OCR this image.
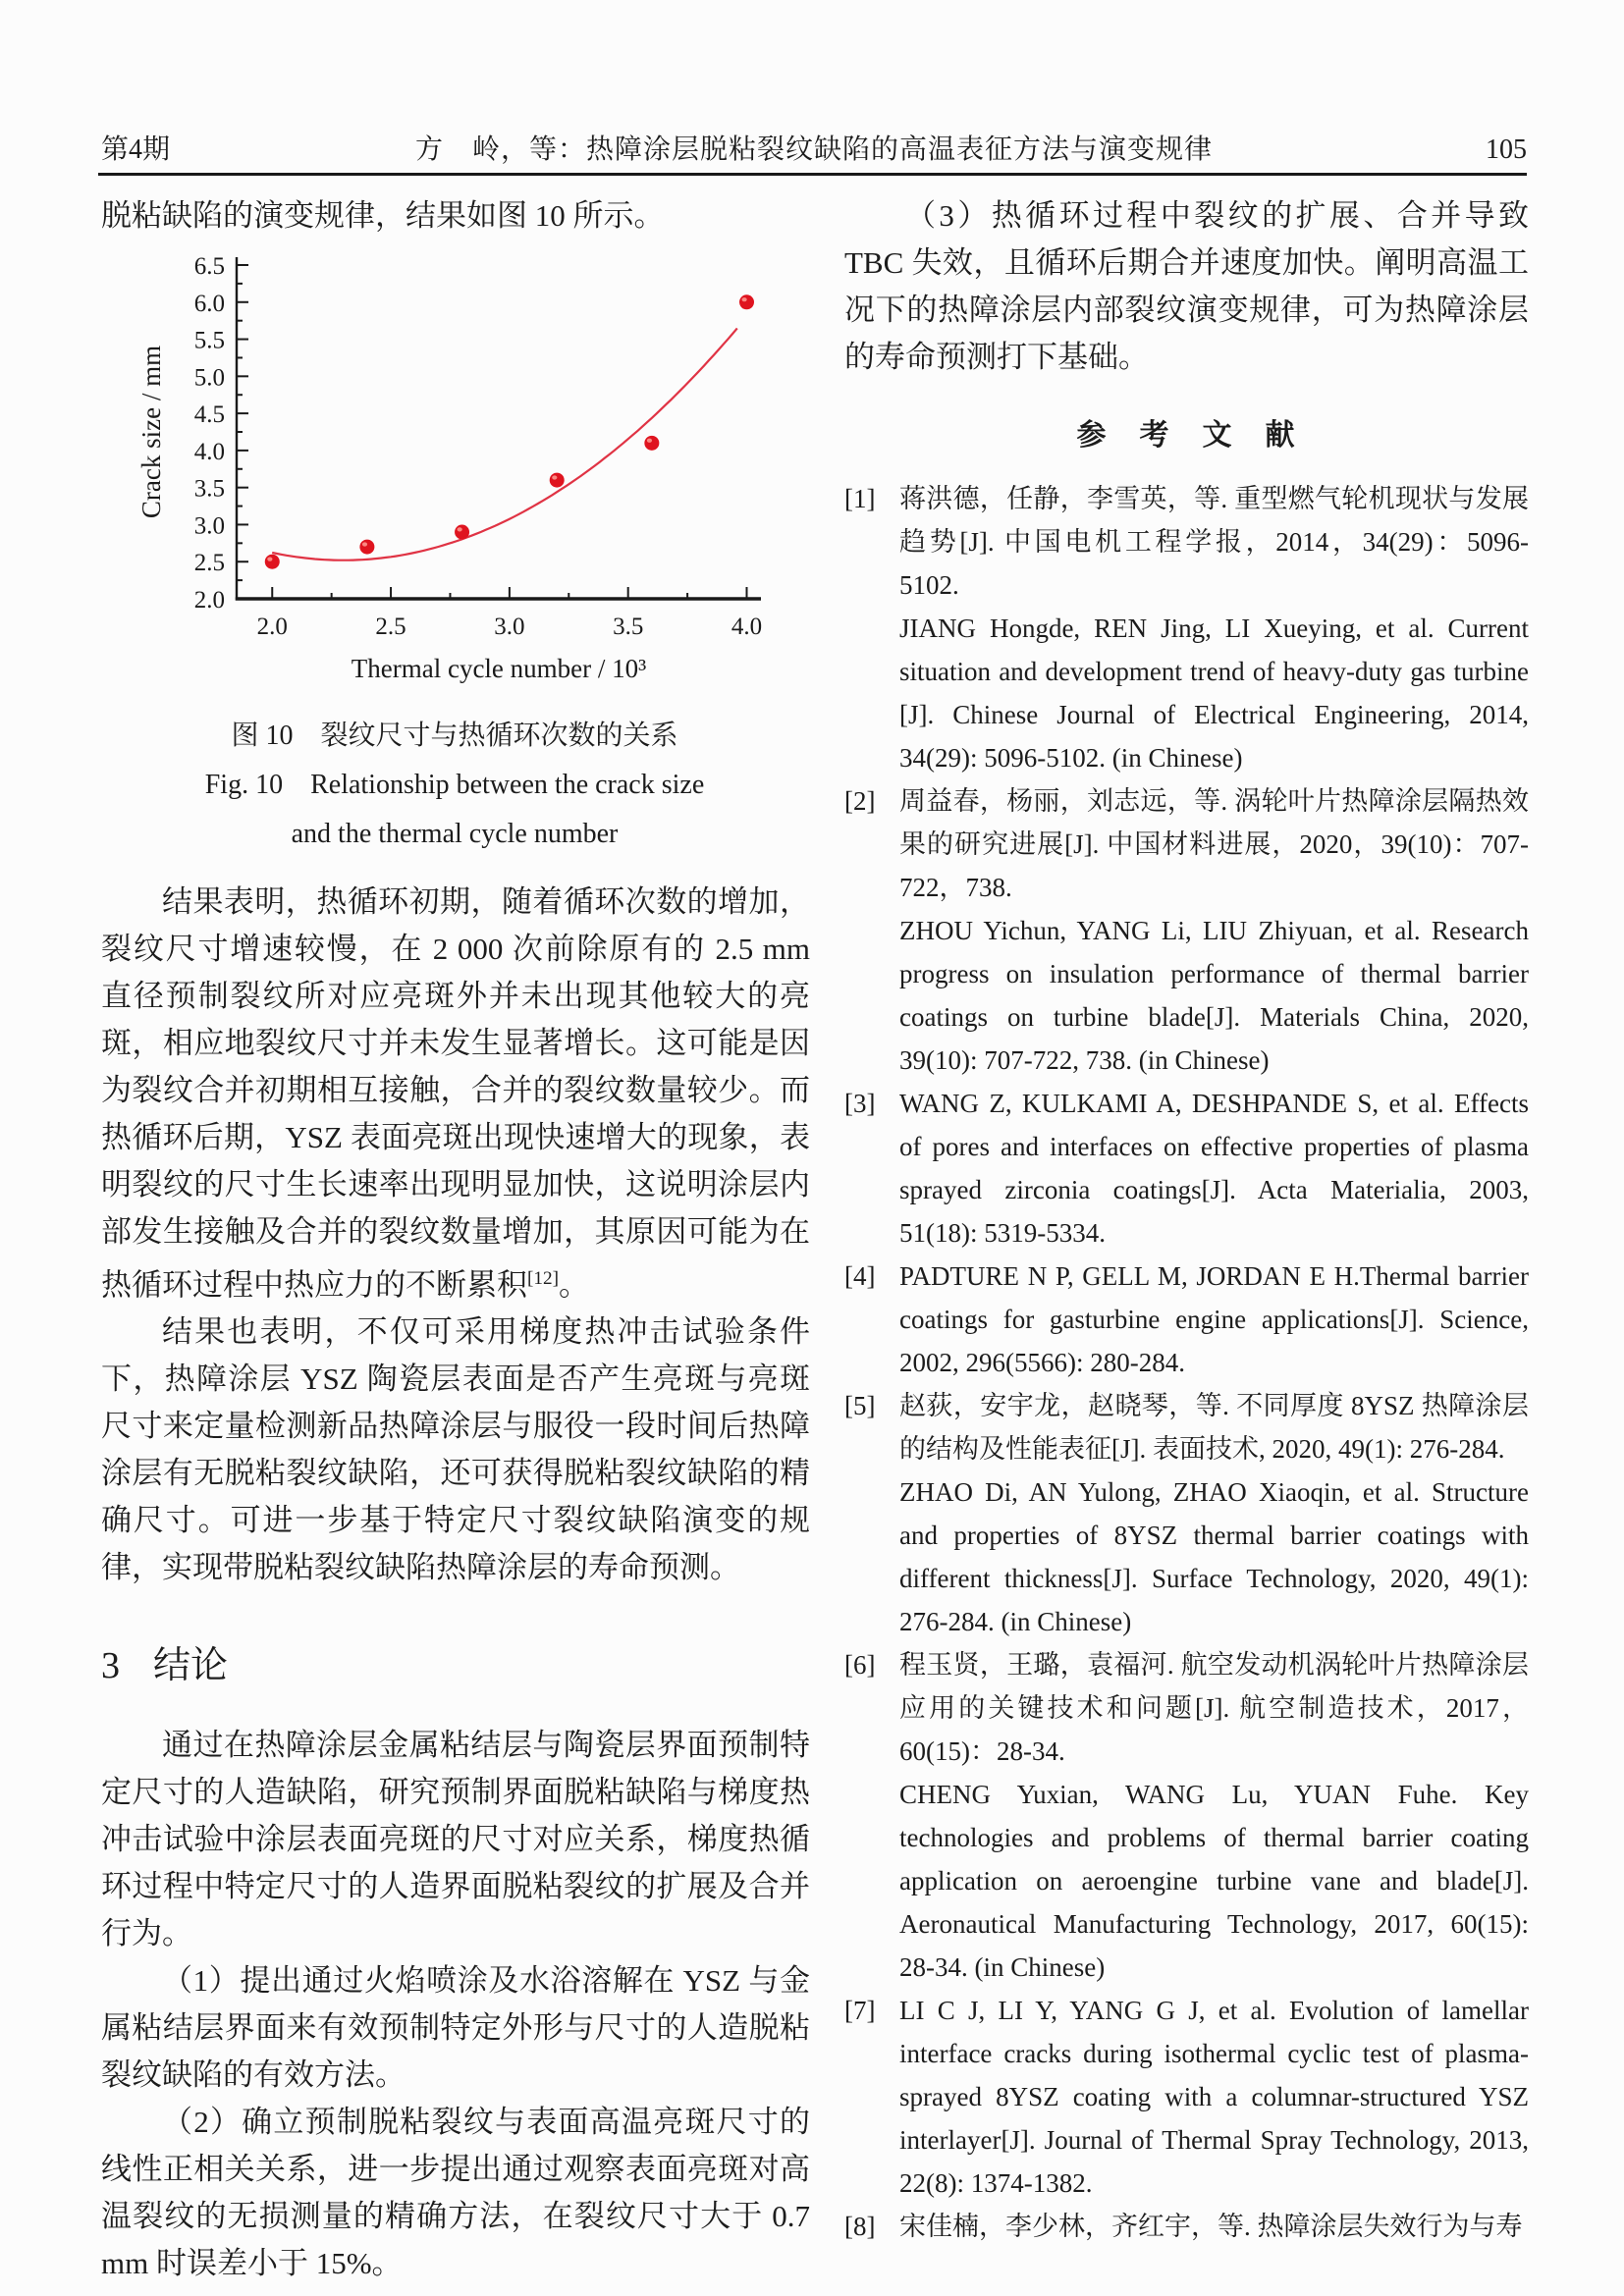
第4期	方　岭，等：热障涂层脱粘裂纹缺陷的高温表征方法与演变规律	105

脱粘缺陷的演变规律，结果如图 10 所示。

2.0
2.5
3.0
3.5
4.0
4.5
5.0
5.5
6.0
6.5
2.0	2.5	3.0	3.5	4.0
Thermal cycle number / 10³
Crack size / mm
图 10　裂纹尺寸与热循环次数的关系
Fig. 10　Relationship between the crack size
and the thermal cycle number

结果表明，热循环初期，随着循环次数的增加，裂纹尺寸增速较慢，在 2 000 次前除原有的 2.5 mm 直径预制裂纹所对应亮斑外并未出现其他较大的亮斑，相应地裂纹尺寸并未发生显著增长。这可能是因为裂纹合并初期相互接触，合并的裂纹数量较少。而热循环后期，YSZ 表面亮斑出现快速增大的现象，表明裂纹的尺寸生长速率出现明显加快，这说明涂层内部发生接触及合并的裂纹数量增加，其原因可能为在热循环过程中热应力的不断累积[12]。

结果也表明，不仅可采用梯度热冲击试验条件下，热障涂层 YSZ 陶瓷层表面是否产生亮斑与亮斑尺寸来定量检测新品热障涂层与服役一段时间后热障涂层有无脱粘裂纹缺陷，还可获得脱粘裂纹缺陷的精确尺寸。可进一步基于特定尺寸裂纹缺陷演变的规律，实现带脱粘裂纹缺陷热障涂层的寿命预测。

3 结论

通过在热障涂层金属粘结层与陶瓷层界面预制特定尺寸的人造缺陷，研究预制界面脱粘缺陷与梯度热冲击试验中涂层表面亮斑的尺寸对应关系，梯度热循环过程中特定尺寸的人造界面脱粘裂纹的扩展及合并行为。

（1）提出通过火焰喷涂及水浴溶解在 YSZ 与金属粘结层界面来有效预制特定外形与尺寸的人造脱粘裂纹缺陷的有效方法。

（2）确立预制脱粘裂纹与表面高温亮斑尺寸的线性正相关关系，进一步提出通过观察表面亮斑对高温裂纹的无损测量的精确方法，在裂纹尺寸大于 0.7 mm 时误差小于 15%。

（3）热循环过程中裂纹的扩展、合并导致 TBC 失效，且循环后期合并速度加快。阐明高温工况下的热障涂层内部裂纹演变规律，可为热障涂层的寿命预测打下基础。

参　考　文　献
[1] 蒋洪德，任静，李雪英，等. 重型燃气轮机现状与发展趋势[J]. 中国电机工程学报，2014，34(29)：5096-5102.
JIANG Hongde, REN Jing, LI Xueying, et al. Current situation and development trend of heavy-duty gas turbine [J]. Chinese Journal of Electrical Engineering, 2014, 34(29): 5096-5102. (in Chinese)
[2] 周益春，杨丽，刘志远，等. 涡轮叶片热障涂层隔热效果的研究进展[J]. 中国材料进展，2020，39(10)：707-722，738.
ZHOU Yichun, YANG Li, LIU Zhiyuan, et al. Research progress on insulation performance of thermal barrier coatings on turbine blade[J]. Materials China, 2020, 39(10): 707-722, 738. (in Chinese)
[3] WANG Z, KULKAMI A, DESHPANDE S, et al. Effects of pores and interfaces on effective properties of plasma sprayed zirconia coatings[J]. Acta Materialia, 2003, 51(18): 5319-5334.
[4] PADTURE N P, GELL M, JORDAN E H.Thermal barrier coatings for gasturbine engine applications[J]. Science, 2002, 296(5566): 280-284.
[5] 赵荻，安宇龙，赵晓琴，等. 不同厚度 8YSZ 热障涂层的结构及性能表征[J]. 表面技术, 2020, 49(1): 276-284.
ZHAO Di, AN Yulong, ZHAO Xiaoqin, et al. Structure and properties of 8YSZ thermal barrier coatings with different thickness[J]. Surface Technology, 2020, 49(1): 276-284. (in Chinese)
[6] 程玉贤，王璐，袁福河. 航空发动机涡轮叶片热障涂层应用的关键技术和问题[J]. 航空制造技术，2017，60(15)：28-34.
CHENG Yuxian, WANG Lu, YUAN Fuhe. Key technologies and problems of thermal barrier coating application on aeroengine turbine vane and blade[J]. Aeronautical Manufacturing Technology, 2017, 60(15): 28-34. (in Chinese)
[7] LI C J, LI Y, YANG G J, et al. Evolution of lamellar interface cracks during isothermal cyclic test of plasma-sprayed 8YSZ coating with a columnar-structured YSZ interlayer[J]. Journal of Thermal Spray Technology, 2013, 22(8): 1374-1382.
[8] 宋佳楠，李少林，齐红宇，等. 热障涂层失效行为与寿
